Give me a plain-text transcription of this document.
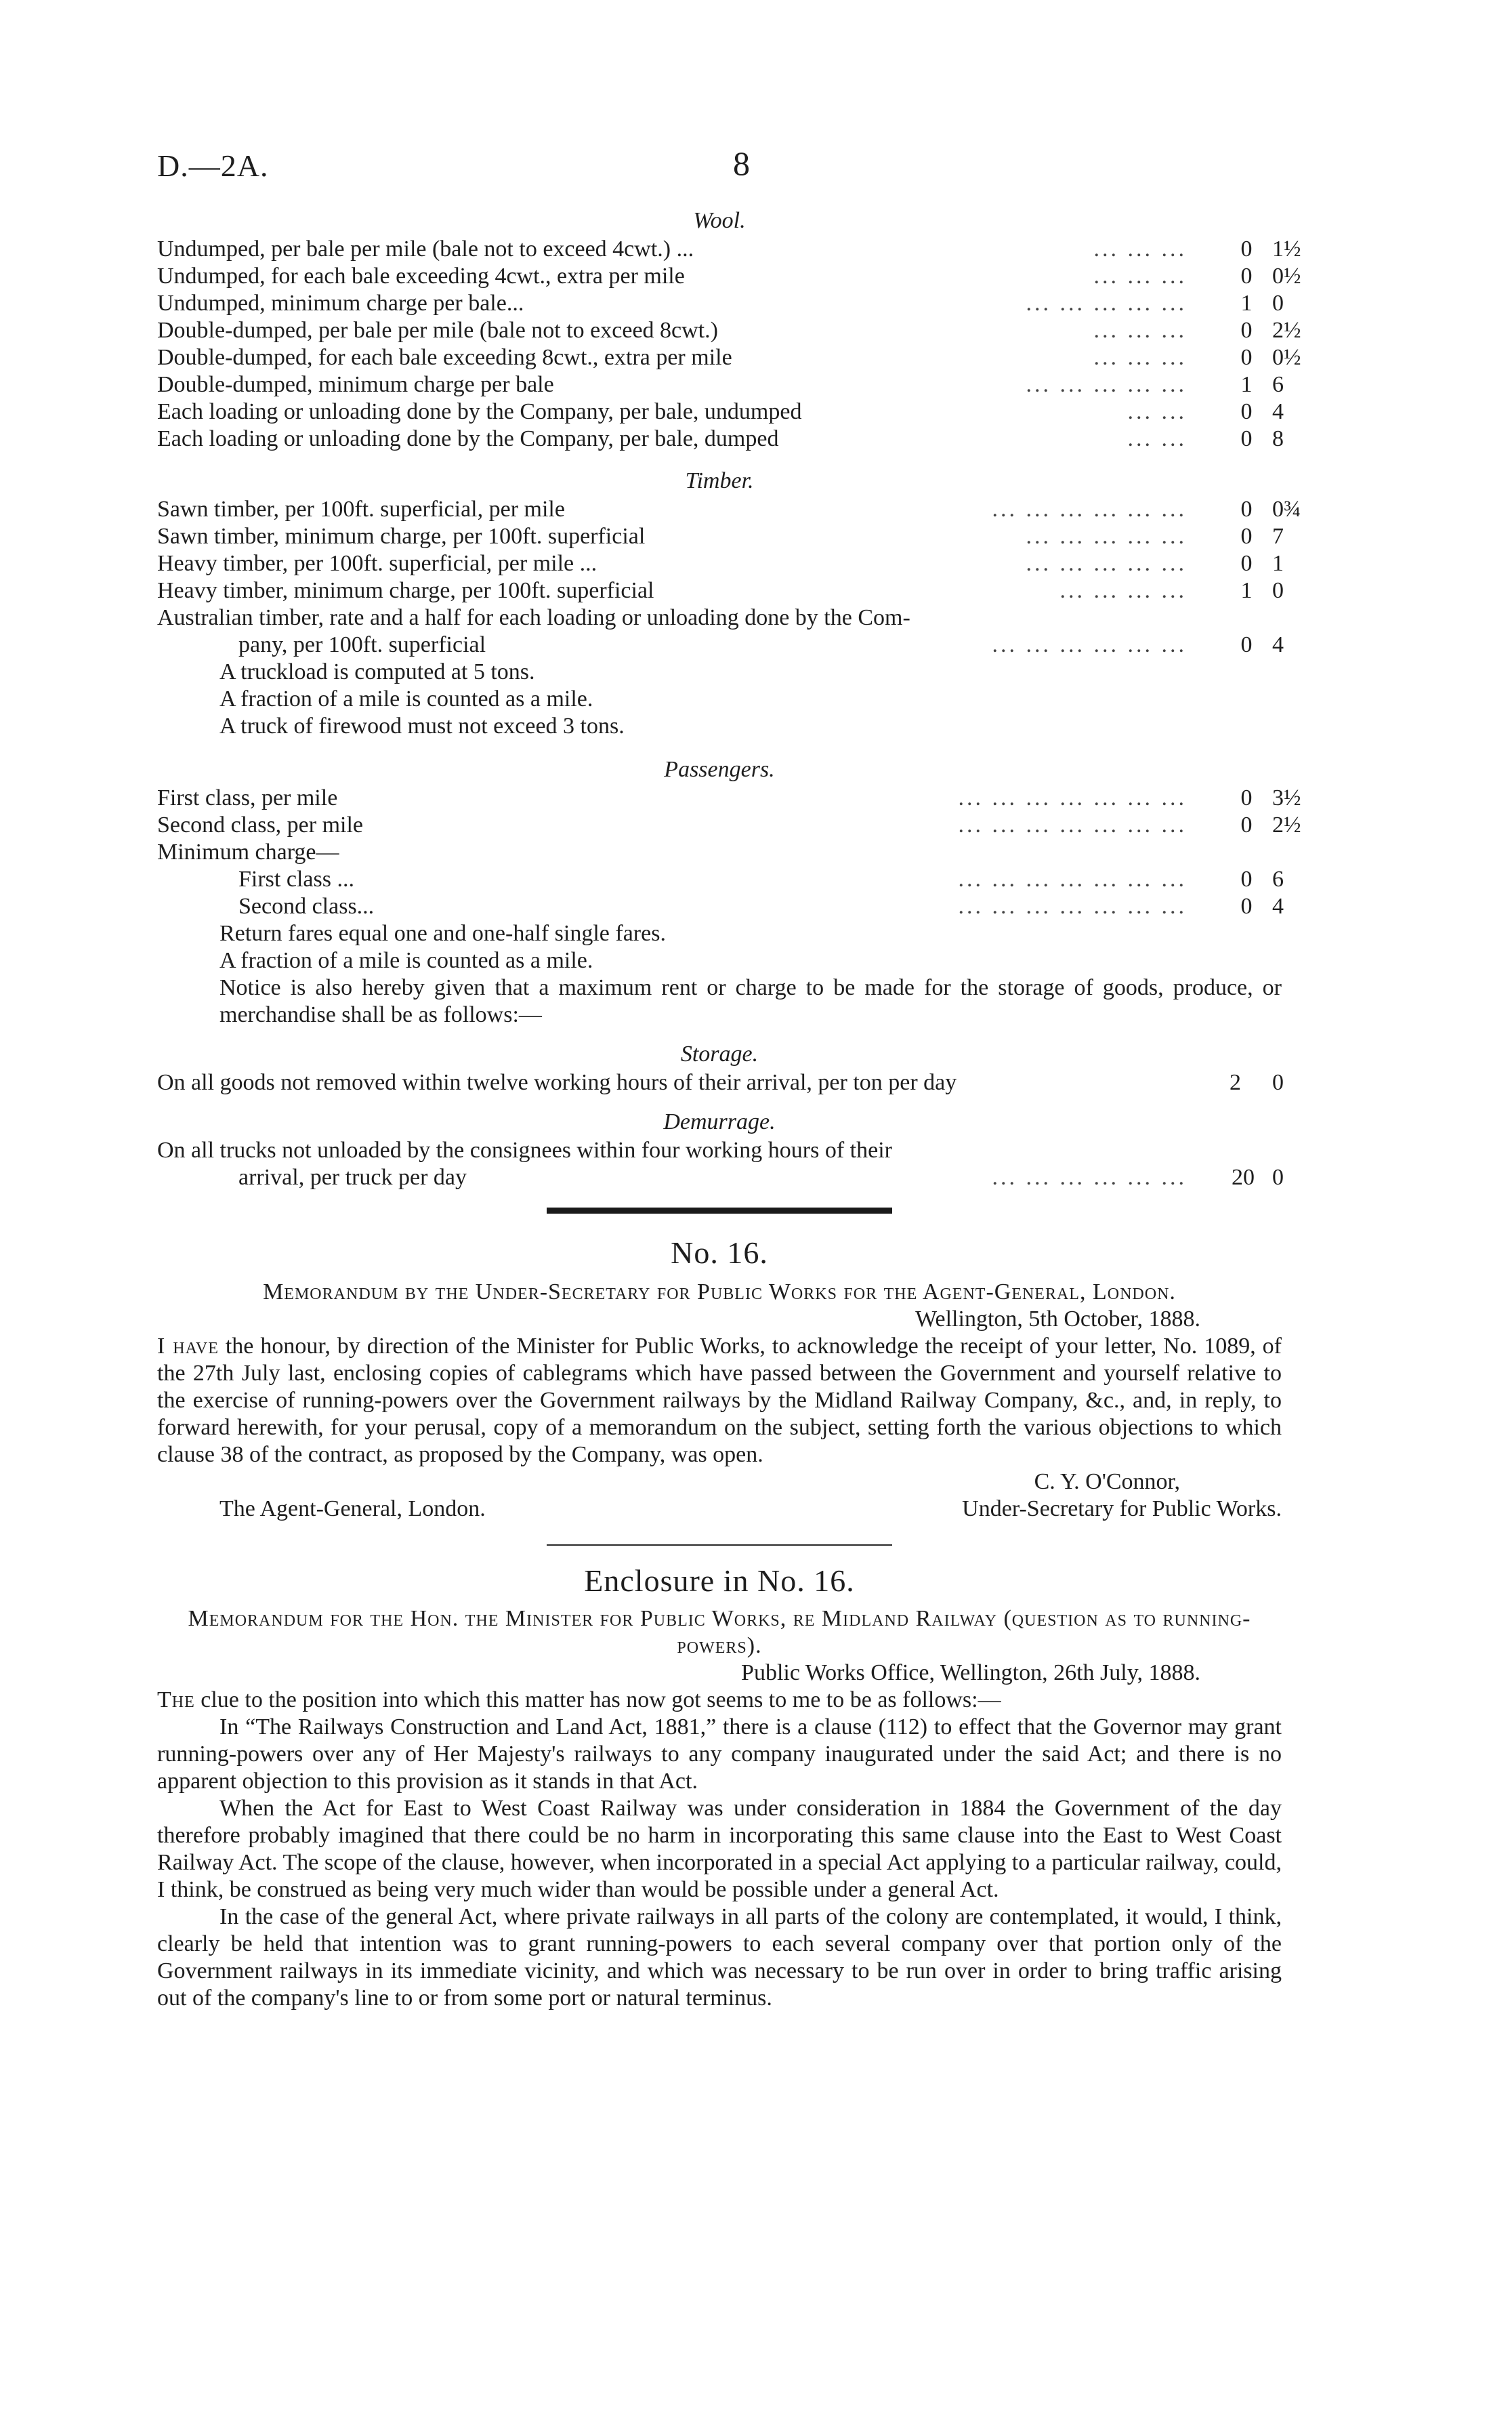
D.—2A.	8
Wool.
Undumped, per bale per mile (bale not to exceed 4cwt.) ...	... ... ... 0 1½
Undumped, for each bale exceeding 4cwt., extra per mile	... ... ... 0 0½
Undumped, minimum charge per bale...	... ... ... ... ... 1 0
Double-dumped, per bale per mile (bale not to exceed 8cwt.)	... ... ... 0 2½
Double-dumped, for each bale exceeding 8cwt., extra per mile	... ... ... 0 0½
Double-dumped, minimum charge per bale	... ... ... ... ... 1 6
Each loading or unloading done by the Company, per bale, undumped	... ... 0 4
Each loading or unloading done by the Company, per bale, dumped	... ... 0 8
Timber.
Sawn timber, per 100ft. superficial, per mile	... ... ... ... ... ... 0 0¾
Sawn timber, minimum charge, per 100ft. superficial	... ... ... ... ... 0 7
Heavy timber, per 100ft. superficial, per mile ...	... ... ... ... ... 0 1
Heavy timber, minimum charge, per 100ft. superficial	... ... ... ... 1 0
Australian timber, rate and a half for each loading or unloading done by the Com-
pany, per 100ft. superficial	... ... ... ... ... ... 0 4
A truckload is computed at 5 tons.
A fraction of a mile is counted as a mile.
A truck of firewood must not exceed 3 tons.
Passengers.
First class, per mile	... ... ... ... ... ... ... 0 3½
Second class, per mile	... ... ... ... ... ... ... 0 2½
Minimum charge—
First class ...	... ... ... ... ... ... ... 0 6
Second class...	... ... ... ... ... ... ... 0 4
Return fares equal one and one-half single fares.
A fraction of a mile is counted as a mile.
Notice is also hereby given that a maximum rent or charge to be made for the storage of goods, produce, or merchandise shall be as follows:—
Storage.
On all goods not removed within twelve working hours of their arrival, per ton per day	2 0
Demurrage.
On all trucks not unloaded by the consignees within four working hours of their
arrival, per truck per day	... ... ... ... ... ...	20 0
No. 16.
Memorandum by the Under-Secretary for Public Works for the Agent-General, London.
Wellington, 5th October, 1888.
I have the honour, by direction of the Minister for Public Works, to acknowledge the receipt of your letter, No. 1089, of the 27th July last, enclosing copies of cablegrams which have passed between the Government and yourself relative to the exercise of running-powers over the Government railways by the Midland Railway Company, &c., and, in reply, to forward herewith, for your perusal, copy of a memorandum on the subject, setting forth the various objections to which clause 38 of the contract, as proposed by the Company, was open.
C. Y. O'Connor,
The Agent-General, London.	Under-Secretary for Public Works.
Enclosure in No. 16.
Memorandum for the Hon. the Minister for Public Works, re Midland Railway (question as to running-powers).
Public Works Office, Wellington, 26th July, 1888.
The clue to the position into which this matter has now got seems to me to be as follows:—
In “The Railways Construction and Land Act, 1881,” there is a clause (112) to effect that the Governor may grant running-powers over any of Her Majesty's railways to any company inaugurated under the said Act; and there is no apparent objection to this provision as it stands in that Act.
When the Act for East to West Coast Railway was under consideration in 1884 the Government of the day therefore probably imagined that there could be no harm in incorporating this same clause into the East to West Coast Railway Act. The scope of the clause, however, when incorporated in a special Act applying to a particular railway, could, I think, be construed as being very much wider than would be possible under a general Act.
In the case of the general Act, where private railways in all parts of the colony are contemplated, it would, I think, clearly be held that intention was to grant running-powers to each several company over that portion only of the Government railways in its immediate vicinity, and which was necessary to be run over in order to bring traffic arising out of the company's line to or from some port or natural terminus.
